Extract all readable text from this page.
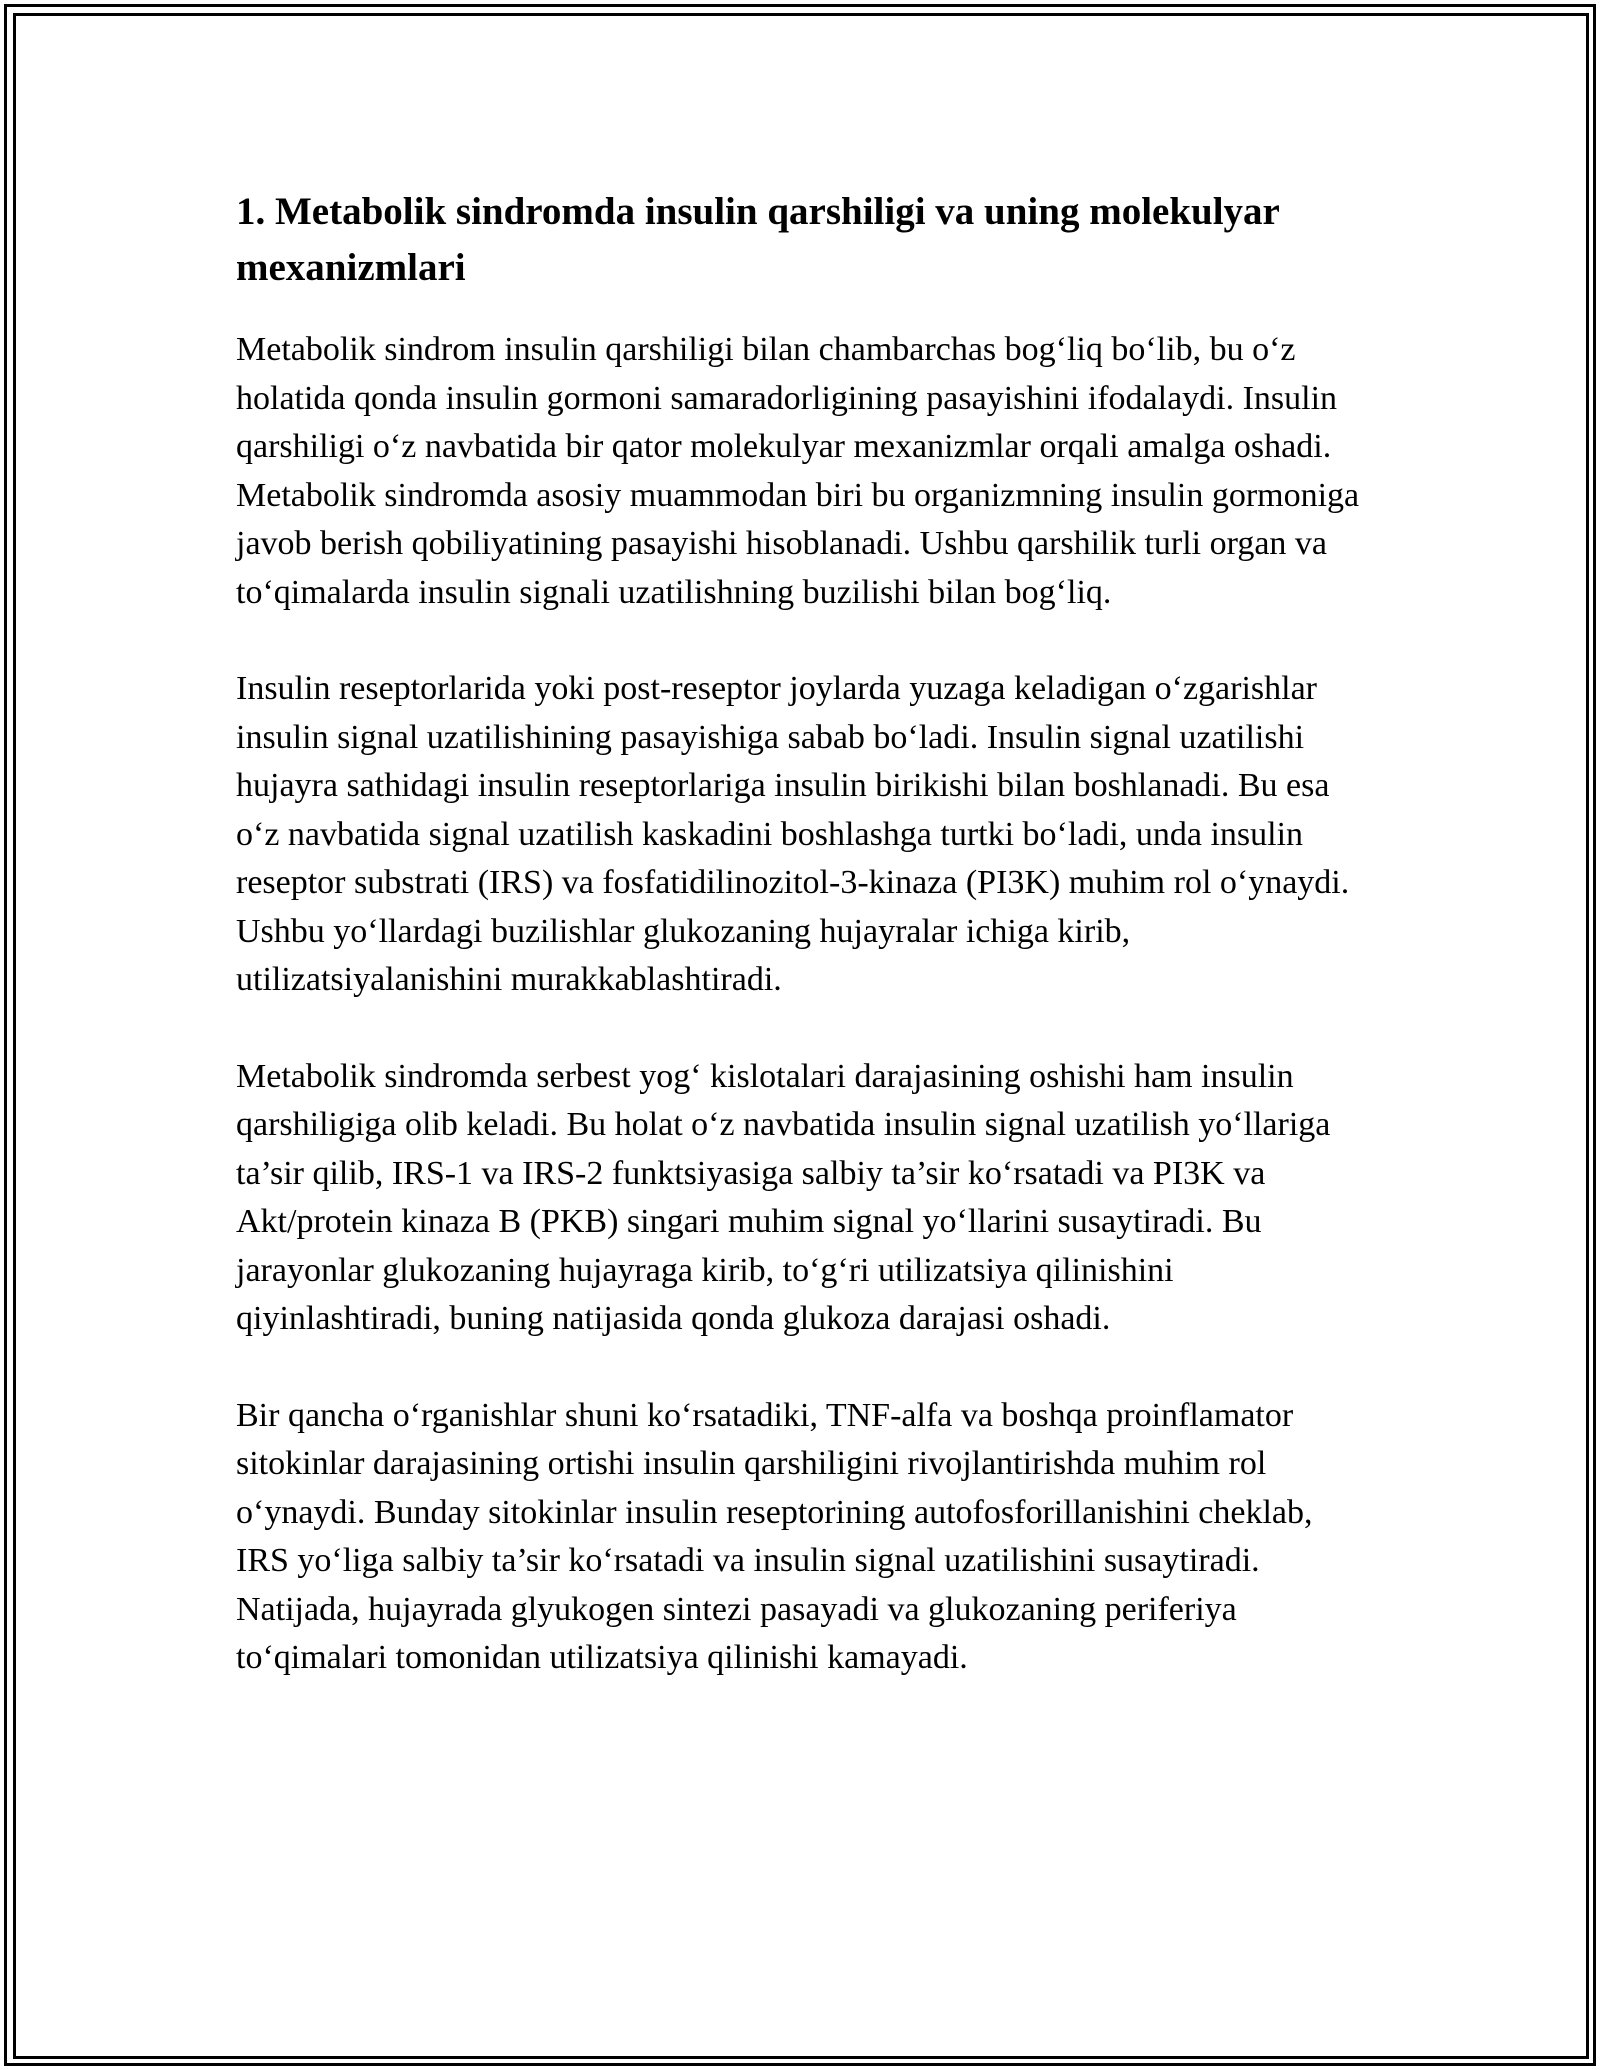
1. Metabolik sindromda insulin qarshiligi va uning molekulyar mexanizmlari

Metabolik sindrom insulin qarshiligi bilan chambarchas bog‘liq bo‘lib, bu o‘z holatida qonda insulin gormoni samaradorligining pasayishini ifodalaydi. Insulin qarshiligi o‘z navbatida bir qator molekulyar mexanizmlar orqali amalga oshadi. Metabolik sindromda asosiy muammodan biri bu organizmning insulin gormoniga javob berish qobiliyatining pasayishi hisoblanadi. Ushbu qarshilik turli organ va to‘qimalarda insulin signali uzatilishning buzilishi bilan bog‘liq.

Insulin reseptorlarida yoki post-reseptor joylarda yuzaga keladigan o‘zgarishlar insulin signal uzatilishining pasayishiga sabab bo‘ladi. Insulin signal uzatilishi hujayra sathidagi insulin reseptorlariga insulin birikishi bilan boshlanadi. Bu esa o‘z navbatida signal uzatilish kaskadini boshlashga turtki bo‘ladi, unda insulin reseptor substrati (IRS) va fosfatidilinozitol-3-kinaza (PI3K) muhim rol o‘ynaydi. Ushbu yo‘llardagi buzilishlar glukozaning hujayralar ichiga kirib, utilizatsiyalanishini murakkablashtiradi.

Metabolik sindromda serbest yog‘ kislotalari darajasining oshishi ham insulin qarshiligiga olib keladi. Bu holat o‘z navbatida insulin signal uzatilish yo‘llariga ta’sir qilib, IRS-1 va IRS-2 funktsiyasiga salbiy ta’sir ko‘rsatadi va PI3K va Akt/protein kinaza B (PKB) singari muhim signal yo‘llarini susaytiradi. Bu jarayonlar glukozaning hujayraga kirib, to‘g‘ri utilizatsiya qilinishini qiyinlashtiradi, buning natijasida qonda glukoza darajasi oshadi.

Bir qancha o‘rganishlar shuni ko‘rsatadiki, TNF-alfa va boshqa proinflamator sitokinlar darajasining ortishi insulin qarshiligini rivojlantirishda muhim rol o‘ynaydi. Bunday sitokinlar insulin reseptorining autofosforillanishini cheklab, IRS yo‘liga salbiy ta’sir ko‘rsatadi va insulin signal uzatilishini susaytiradi. Natijada, hujayrada glyukogen sintezi pasayadi va glukozaning periferiya to‘qimalari tomonidan utilizatsiya qilinishi kamayadi.
